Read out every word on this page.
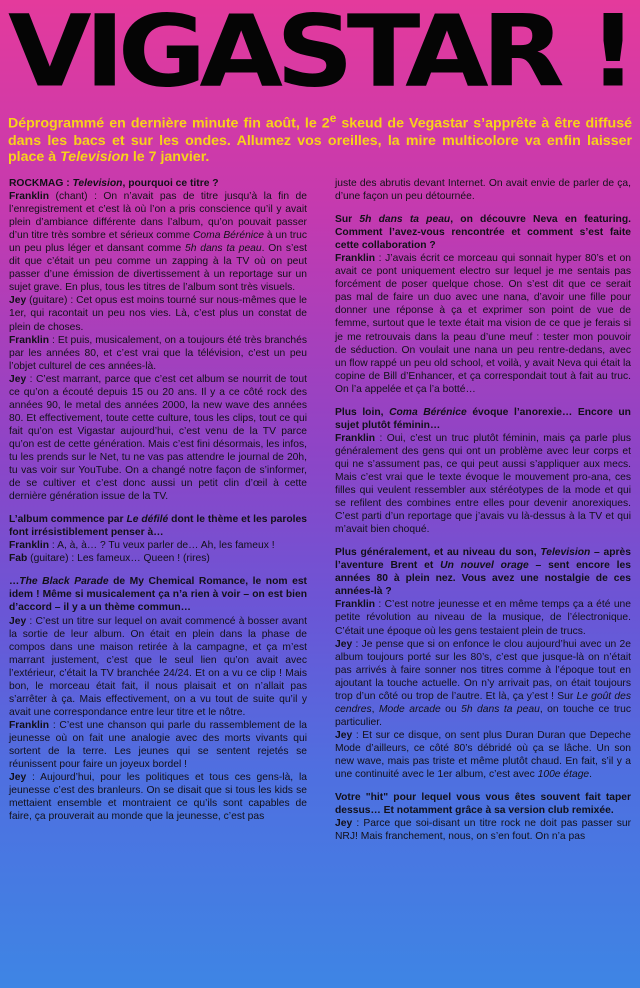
VIGASTAR !
Déprogrammé en dernière minute fin août, le 2e skeud de Vegastar s’apprête à être diffusé dans les bacs et sur les ondes. Allumez vos oreilles, la mire multicolore va enfin laisser place à Television le 7 janvier.
ROCKMAG : Television, pourquoi ce titre ?
Franklin (chant) : On n’avait pas de titre jusqu’à la fin de l’enregistrement et c’est là où l’on a pris conscience qu’il y avait plein d’ambiance différente dans l’album, qu’on pouvait passer d’un titre très sombre et sérieux comme Coma Bérénice à un truc un peu plus léger et dansant comme 5h dans ta peau. On s’est dit que c’était un peu comme un zapping à la TV où on peut passer d’une émission de divertissement à un reportage sur un sujet grave. En plus, tous les titres de l’album sont très visuels.
Jey (guitare) : Cet opus est moins tourné sur nous-mêmes que le 1er, qui racontait un peu nos vies. Là, c’est plus un constat de plein de choses.
Franklin : Et puis, musicalement, on a toujours été très branchés par les années 80, et c’est vrai que la télévision, c’est un peu l’objet culturel de ces années-là.
Jey : C’est marrant, parce que c’est cet album se nourrit de tout ce qu’on a écouté depuis 15 ou 20 ans. Il y a ce côté rock des années 90, le metal des années 2000, la new wave des années 80. Et effectivement, toute cette culture, tous les clips, tout ce qui fait qu’on est Vigastar aujourd’hui, c’est venu de la TV parce qu’on est de cette génération. Mais c’est fini désormais, les infos, tu les prends sur le Net, tu ne vas pas attendre le journal de 20h, tu vas voir sur YouTube. On a changé notre façon de s’informer, de se cultiver et c’est donc aussi un petit clin d’œil à cette dernière génération issue de la TV.
L’album commence par Le défilé dont le thème et les paroles font irrésistiblement penser à…
Franklin : A, à, à… ? Tu veux parler de… Ah, les fameux !
Fab (guitare) : Les fameux… Queen ! (rires)
…The Black Parade de My Chemical Romance, le nom est idem ! Même si musicalement ça n’a rien à voir – on est bien d’accord – il y a un thème commun…
Jey : C’est un titre sur lequel on avait commencé à bosser avant la sortie de leur album. On était en plein dans la phase de compos dans une maison retirée à la campagne, et ça m’est marrant justement, c’est que le seul lien qu’on avait avec l’extérieur, c’était la TV branchée 24/24. Et on a vu ce clip ! Mais bon, le morceau était fait, il nous plaisait et on n’allait pas s’arrêter à ça. Mais effectivement, on a vu tout de suite qu’il y avait une correspondance entre leur titre et le nôtre.
Franklin : C’est une chanson qui parle du rassemblement de la jeunesse où on fait une analogie avec des morts vivants qui sortent de la terre. Les jeunes qui se sentent rejetés se réunissent pour faire un joyeux bordel !
Jey : Aujourd’hui, pour les politiques et tous ces gens-là, la jeunesse c’est des branleurs. On se disait que si tous les kids se mettaient ensemble et montraient ce qu’ils sont capables de faire, ça prouverait au monde que la jeunesse, c’est pas
juste des abrutis devant Internet. On avait envie de parler de ça, d’une façon un peu détournée.
Sur 5h dans ta peau, on découvre Neva en featuring. Comment l’avez-vous rencontrée et comment s’est faite cette collaboration ?
Franklin : J’avais écrit ce morceau qui sonnait hyper 80’s et on avait ce pont uniquement electro sur lequel je me sentais pas forcément de poser quelque chose. On s’est dit que ce serait pas mal de faire un duo avec une nana, d’avoir une fille pour donner une réponse à ça et exprimer son point de vue de femme, surtout que le texte était ma vision de ce que je ferais si je me retrouvais dans la peau d’une meuf : tester mon pouvoir de séduction. On voulait une nana un peu rentre-dedans, avec un flow rappé un peu old school, et voilà, y avait Neva qui était la copine de Bill d’Enhancer, et ça correspondait tout à fait au truc. On l’a appelée et ça l’a botté…
Plus loin, Coma Bérénice évoque l’anorexie… Encore un sujet plutôt féminin…
Franklin : Oui, c’est un truc plutôt féminin, mais ça parle plus généralement des gens qui ont un problème avec leur corps et qui ne s’assument pas, ce qui peut aussi s’appliquer aux mecs. Mais c’est vrai que le texte évoque le mouvement pro-ana, ces filles qui veulent ressembler aux stéréotypes de la mode et qui se refilent des combines entre elles pour devenir anorexiques. C’est parti d’un reportage que j’avais vu là-dessus à la TV et qui m’avait bien choqué.
Plus généralement, et au niveau du son, Television – après l’aventure Brent et Un nouvel orage – sent encore les années 80 à plein nez. Vous avez une nostalgie de ces années-là ?
Franklin : C’est notre jeunesse et en même temps ça a été une petite révolution au niveau de la musique, de l’électronique. C’était une époque où les gens testaient plein de trucs.
Jey : Je pense que si on enfonce le clou aujourd’hui avec un 2e album toujours porté sur les 80’s, c’est que jusque-là on n’était pas arrivés à faire sonner nos titres comme à l’époque tout en ajoutant la touche actuelle. On n’y arrivait pas, on était toujours trop d’un côté ou trop de l’autre. Et là, ça y’est ! Sur Le goût des cendres, Mode arcade ou 5h dans ta peau, on touche ce truc particulier.
Jey : Et sur ce disque, on sent plus Duran Duran que Depeche Mode d’ailleurs, ce côté 80’s débridé où ça se lâche. Un son new wave, mais pas triste et même plutôt chaud. En fait, s’il y a une continuité avec le 1er album, c’est avec 100e étage.
Votre "hit" pour lequel vous vous êtes souvent fait taper dessus… Et notamment grâce à sa version club remixée.
Jey : Parce que soi-disant un titre rock ne doit pas passer sur NRJ! Mais franchement, nous, on s’en fout. On n’a pas
